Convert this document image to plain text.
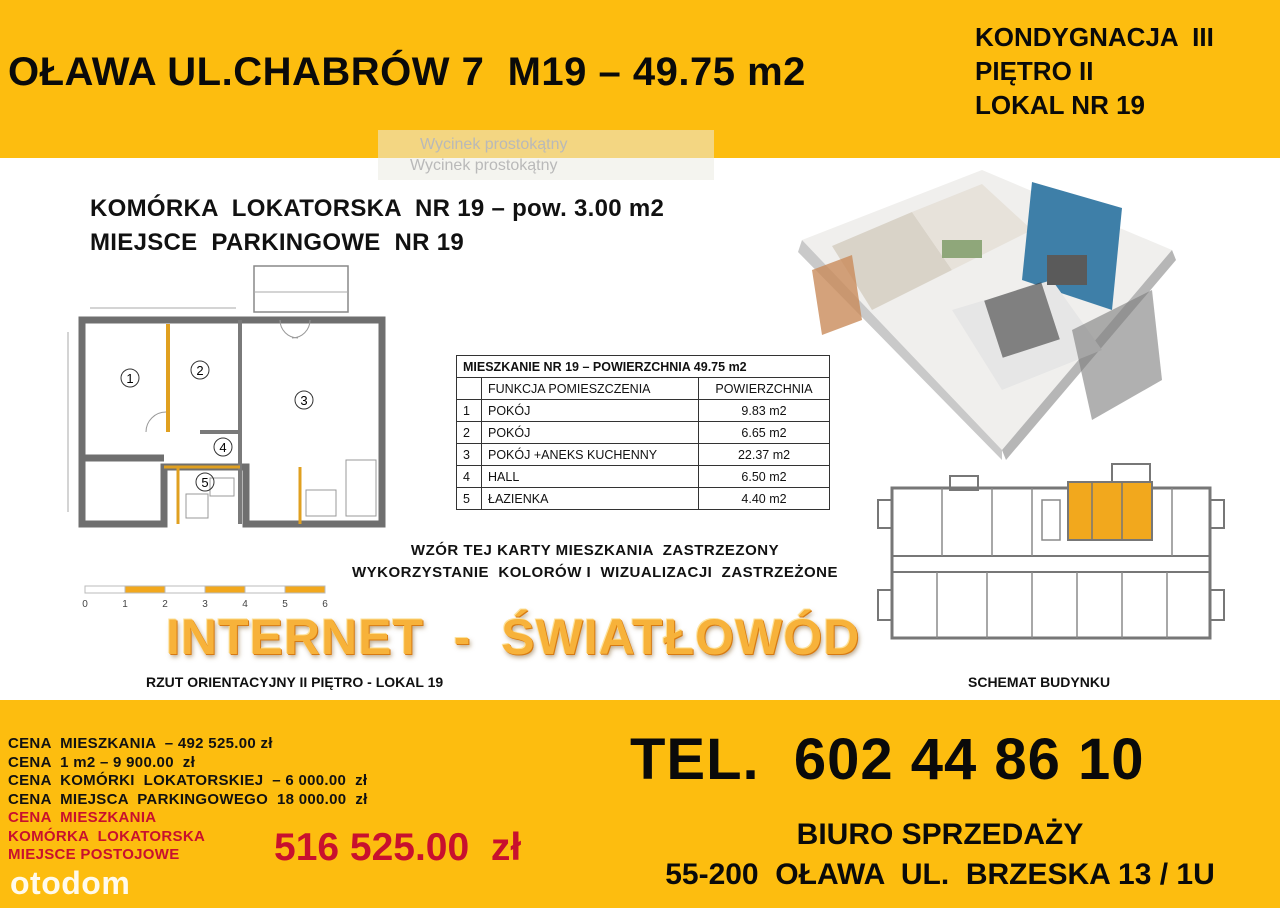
OŁAWA UL.CHABRÓW 7  M19 – 49.75 m2
KONDYGNACJA  III
PIĘTRO II
LOKAL NR 19
Wycinek prostokątny
Wycinek prostokątny
KOMÓRKA  LOKATORSKA  NR 19 – pow. 3.00 m2
MIEJSCE  PARKINGOWE  NR 19
1
2
3
4
5
0	1	2	3	4	5	6
MIESZKANIE NR 19 – POWIERZCHNIA 49.75 m2		
	FUNKCJA POMIESZCZENIA	POWIERZCHNIA
1	POKÓJ	9.83 m2
2	POKÓJ	6.65 m2
3	POKÓJ +ANEKS KUCHENNY	22.37 m2
4	HALL	6.50 m2
5	ŁAZIENKA	4.40 m2
WZÓR TEJ KARTY MIESZKANIA  ZASTRZEZONY
WYKORZYSTANIE  KOLORÓW I  WIZUALIZACJI  ZASTRZEŻONE
INTERNET  -  ŚWIATŁOWÓD
RZUT ORIENTACYJNY II PIĘTRO - LOKAL 19	SCHEMAT BUDYNKU
CENA  MIESZKANIA  – 492 525.00 zł
CENA  1 m2 – 9 900.00  zł
CENA  KOMÓRKI  LOKATORSKIEJ  – 6 000.00  zł
CENA  MIEJSCA  PARKINGOWEGO  18 000.00  zł
CENA  MIESZKANIA
KOMÓRKA  LOKATORSKA
MIEJSCE POSTOJOWE	516 525.00  zł
TEL.  602 44 86 10
BIURO SPRZEDAŻY
55-200  OŁAWA  UL.  BRZESKA 13 / 1U
otodom
